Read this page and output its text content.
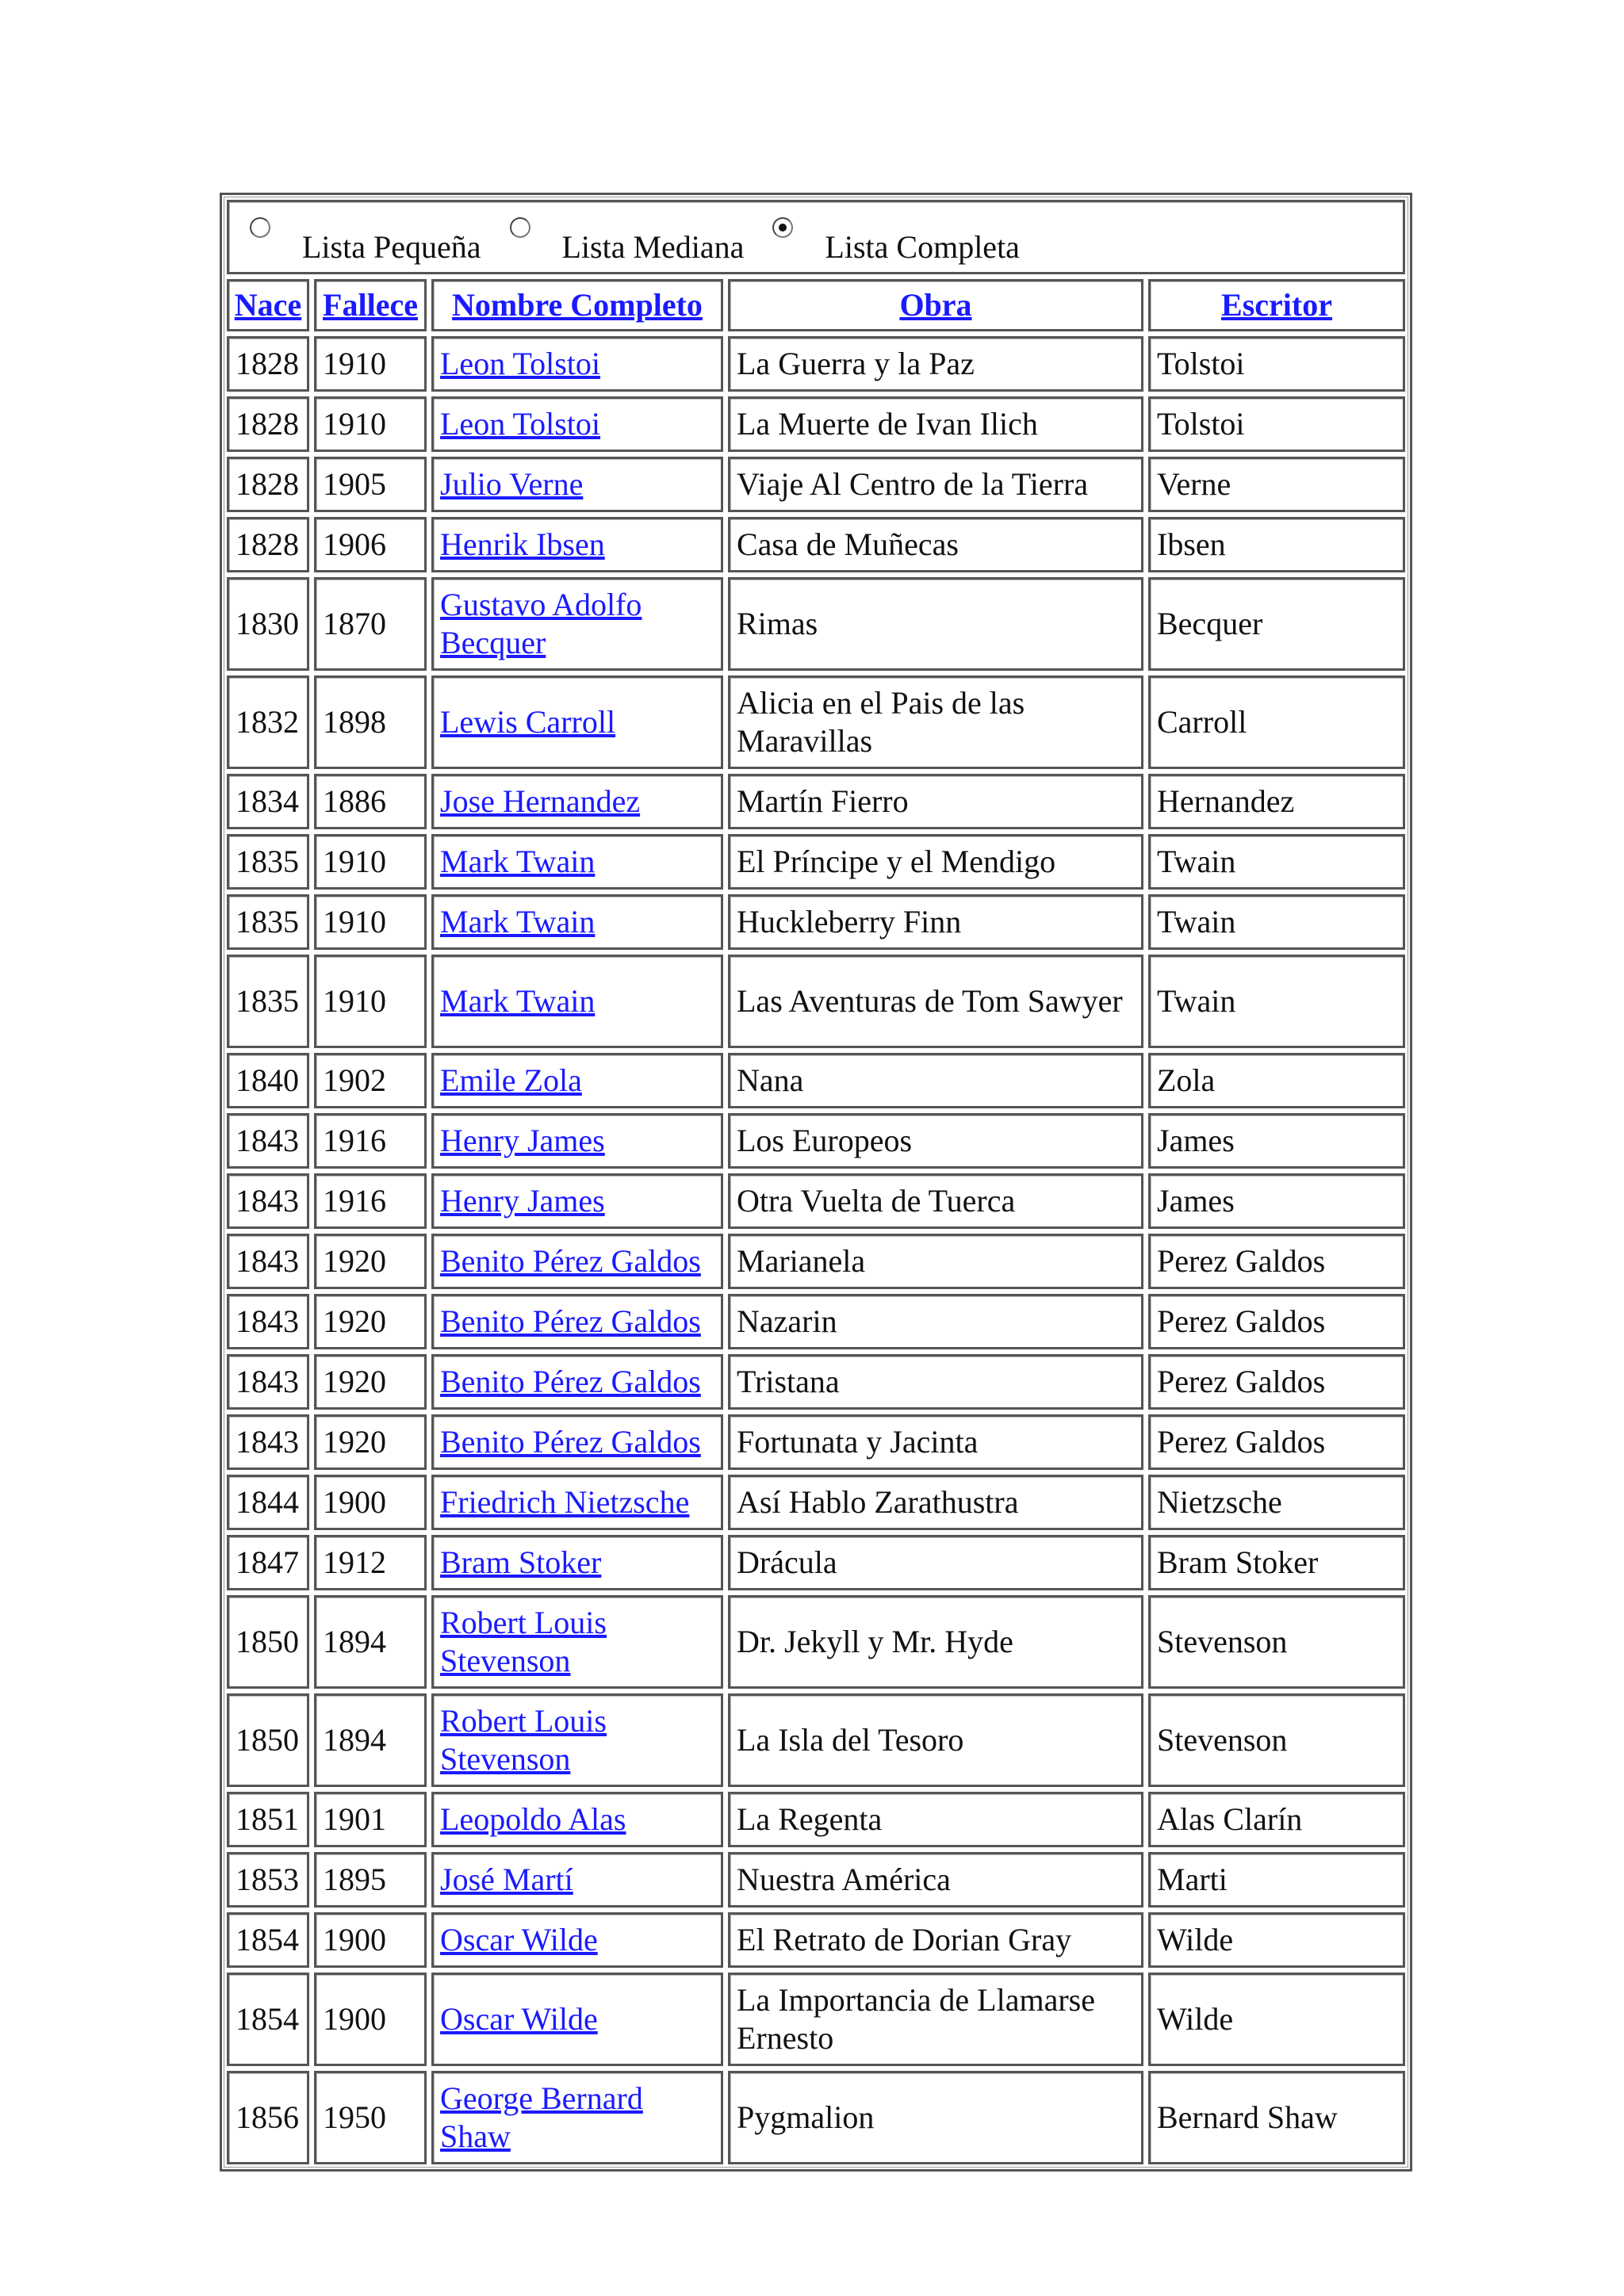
Lista Pequeña Lista Mediana Lista Completa				

Nace	Fallece	Nombre Completo	Obra	Escritor
1828	1910	Leon Tolstoi	La Guerra y la Paz	Tolstoi
1828	1910	Leon Tolstoi	La Muerte de Ivan Ilich	Tolstoi
1828	1905	Julio Verne	Viaje Al Centro de la Tierra	Verne
1828	1906	Henrik Ibsen	Casa de Muñecas	Ibsen
1830	1870	Gustavo Adolfo Becquer	Rimas	Becquer
1832	1898	Lewis Carroll	Alicia en el Pais de las Maravillas	Carroll
1834	1886	Jose Hernandez	Martín Fierro	Hernandez
1835	1910	Mark Twain	El Príncipe y el Mendigo	Twain
1835	1910	Mark Twain	Huckleberry Finn	Twain
1835	1910	Mark Twain	Las Aventuras de Tom Sawyer	Twain
1840	1902	Emile Zola	Nana	Zola
1843	1916	Henry James	Los Europeos	James
1843	1916	Henry James	Otra Vuelta de Tuerca	James
1843	1920	Benito Pérez Galdos	Marianela	Perez Galdos
1843	1920	Benito Pérez Galdos	Nazarin	Perez Galdos
1843	1920	Benito Pérez Galdos	Tristana	Perez Galdos
1843	1920	Benito Pérez Galdos	Fortunata y Jacinta	Perez Galdos
1844	1900	Friedrich Nietzsche	Así Hablo Zarathustra	Nietzsche
1847	1912	Bram Stoker	Drácula	Bram Stoker
1850	1894	Robert Louis Stevenson	Dr. Jekyll y Mr. Hyde	Stevenson
1850	1894	Robert Louis Stevenson	La Isla del Tesoro	Stevenson
1851	1901	Leopoldo Alas	La Regenta	Alas Clarín
1853	1895	José Martí	Nuestra América	Marti
1854	1900	Oscar Wilde	El Retrato de Dorian Gray	Wilde
1854	1900	Oscar Wilde	La Importancia de Llamarse Ernesto	Wilde
1856	1950	George Bernard Shaw	Pygmalion	Bernard Shaw
